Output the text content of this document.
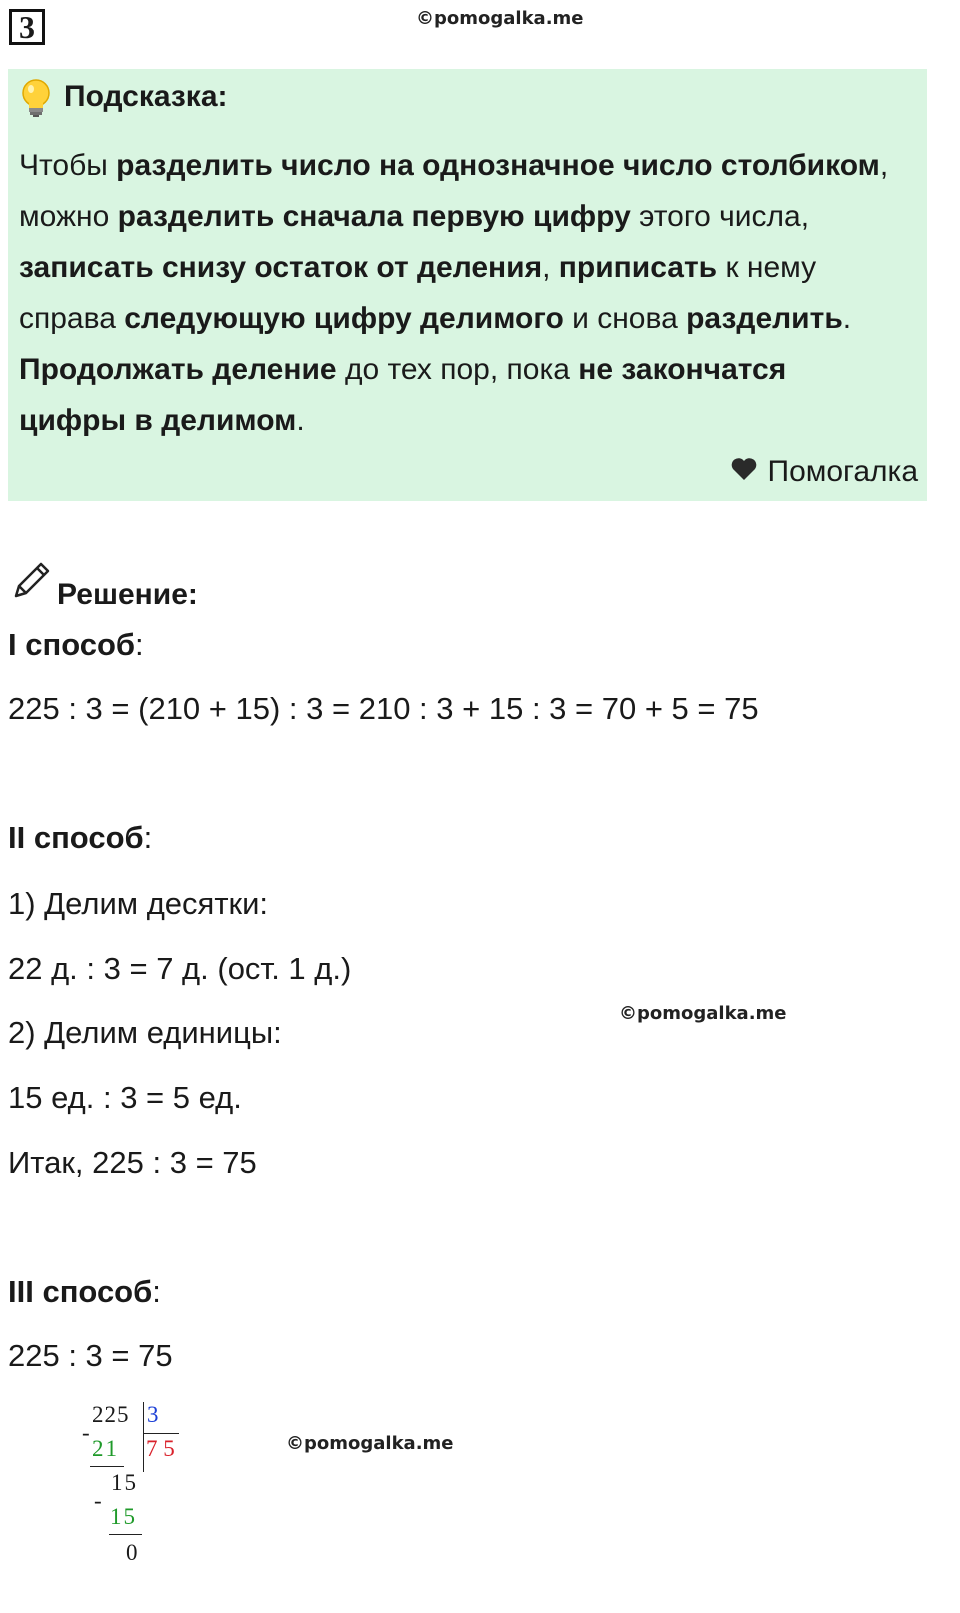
3	©pomogalka.me
Подсказка:
Чтобы разделить число на однозначное число столбиком,
можно разделить сначала первую цифру этого числа,
записать снизу остаток от деления, приписать к нему
справа следующую цифру делимого и снова разделить.
Продолжать деление до тех пор, пока не закончатся
цифры в делимом.
Помогалка
Решение:
I способ:
225 : 3 = (210 + 15) : 3 = 210 : 3 + 15 : 3 = 70 + 5 = 75
II способ:
1) Делим десятки:
22 д. : 3 = 7 д. (ост. 1 д.)
©pomogalka.me
2) Делим единицы:
15 ед. : 3 = 5 ед.
Итак, 225 : 3 = 75
III способ:
225 : 3 = 75
225 3
-
21 7 5
15
-
15
0
©pomogalka.me
